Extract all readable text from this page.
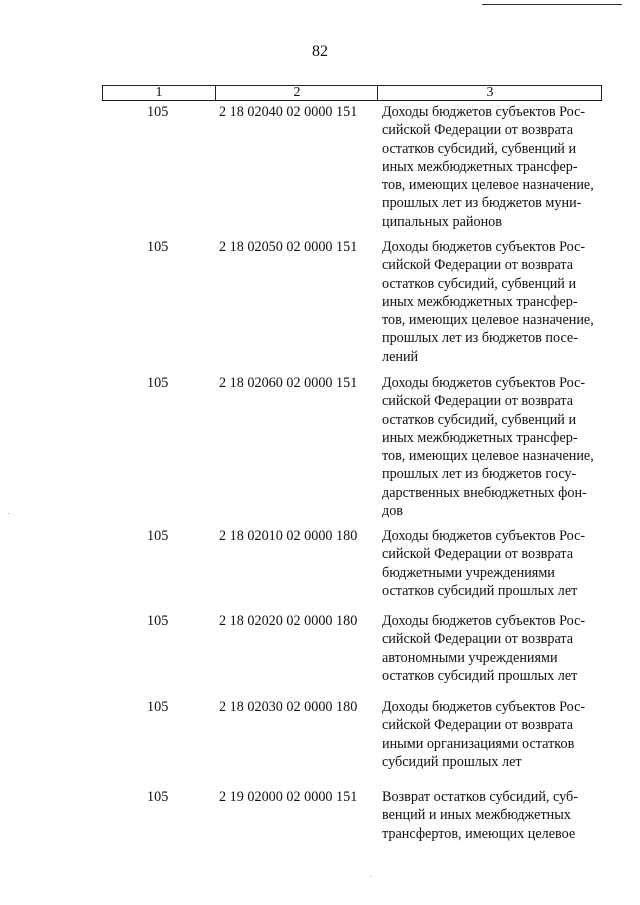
82
1	2	3
105	2 18 02040 02 0000 151	Доходы бюджетов субъектов Рос-
сийской Федерации от возврата
остатков субсидий, субвенций и
иных межбюджетных трансфер-
тов, имеющих целевое назначение,
прошлых лет из бюджетов муни-
ципальных районов
105	2 18 02050 02 0000 151	Доходы бюджетов субъектов Рос-
сийской Федерации от возврата
остатков субсидий, субвенций и
иных межбюджетных трансфер-
тов, имеющих целевое назначение,
прошлых лет из бюджетов посе-
лений
105	2 18 02060 02 0000 151	Доходы бюджетов субъектов Рос-
сийской Федерации от возврата
остатков субсидий, субвенций и
иных межбюджетных трансфер-
тов, имеющих целевое назначение,
прошлых лет из бюджетов госу-
дарственных внебюджетных фон-
дов
105	2 18 02010 02 0000 180	Доходы бюджетов субъектов Рос-
сийской Федерации от возврата
бюджетными учреждениями
остатков субсидий прошлых лет
105	2 18 02020 02 0000 180	Доходы бюджетов субъектов Рос-
сийской Федерации от возврата
автономными учреждениями
остатков субсидий прошлых лет
105	2 18 02030 02 0000 180	Доходы бюджетов субъектов Рос-
сийской Федерации от возврата
иными организациями остатков
субсидий прошлых лет
105	2 19 02000 02 0000 151	Возврат остатков субсидий, суб-
венций и иных межбюджетных
трансфертов, имеющих целевое
